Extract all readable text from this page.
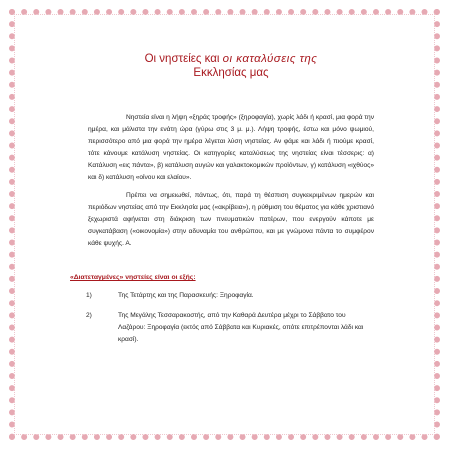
Οι νηστείες και οι καταλύσεις της
Εκκλησίας μας

Νηστεία είναι η λήψη «ξηράς τροφής» (ξηροφαγία), χωρίς λάδι ή κρασί, μια φορά την ημέρα, και μάλιστα την ενάτη ώρα (γύρω στις 3 μ. μ.). Λήψη τροφής, έστω και μόνο ψωμιού, περισσότερο από μια φορά την ημέρα λέγεται λύση νηστείας. Αν φάμε και λάδι ή πιούμε κρασί, τότε κάνουμε κατάλυση νηστείας. Οι κατηγορίες καταλύσεως της νηστείας είναι τέσσερις: α) Κατάλυση «εις πάντα», β) κατάλυση αυγών και γαλακτοκομικών προϊόντων, γ) κατάλυση «ιχθύος» και δ) κατάλυση «οίνου και ελαίου».

Πρέπει να σημειωθεί, πάντως, ότι, παρά τη θέσπιση συγκεκριμένων ημερών και περιόδων νηστείας από την Εκκλησία μας («ακρίβεια»), η ρύθμιση του θέματος για κάθε χριστιανό ξεχωριστά αφήνεται στη διάκριση των πνευματικών πατέρων, που ενεργούν κάποτε με συγκατάβαση («οικονομία») στην αδυναμία του ανθρώπου, και με γνώμονα πάντα το συμφέρον κάθε ψυχής. Α.

«Διατεταγμένες» νηστείες είναι οι εξής:
1)	Της Τετάρτης και της Παρασκευής: Ξηροφαγία.
2)	Της Μεγάλης Τεσσαρακοστής, από την Καθαρά Δευτέρα μέχρι το Σάββατο του Λαζάρου: Ξηροφαγία (εκτός από Σάββατα και Κυριακές, οπότε επιτρέπονται λάδι και κρασί).
